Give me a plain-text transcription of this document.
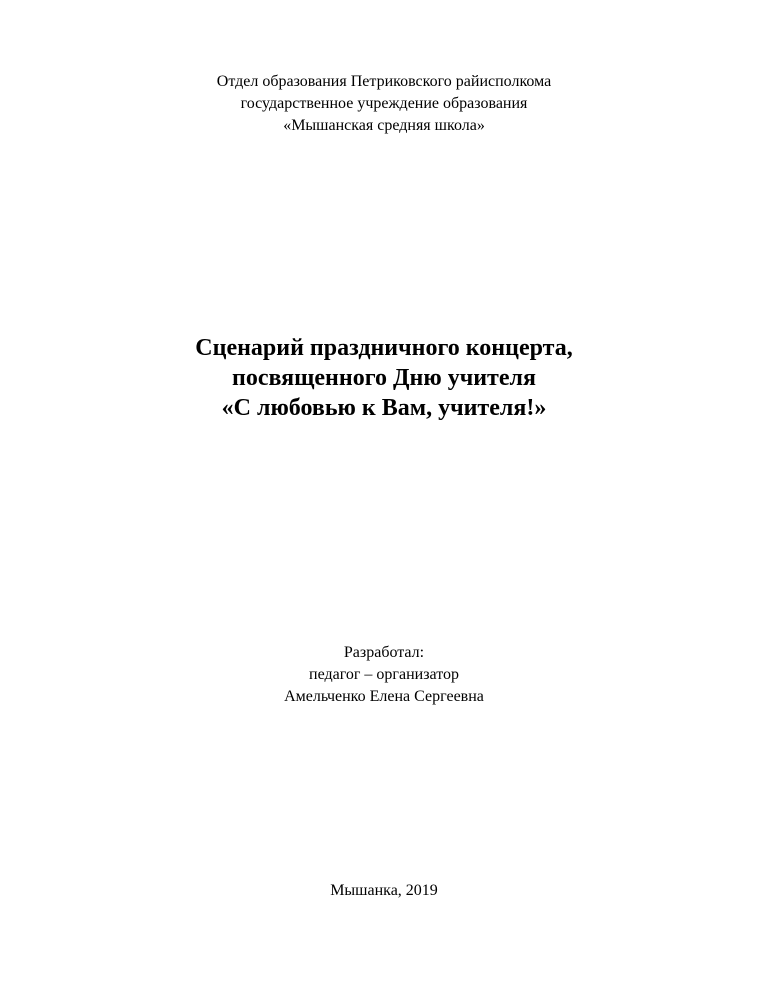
Отдел образования Петриковского райисполкома
государственное учреждение образования
«Мышанская средняя школа»
Сценарий праздничного концерта,
посвященного Дню учителя
«С любовью к Вам, учителя!»
Разработал:
педагог – организатор
Амельченко Елена Сергеевна
Мышанка, 2019
